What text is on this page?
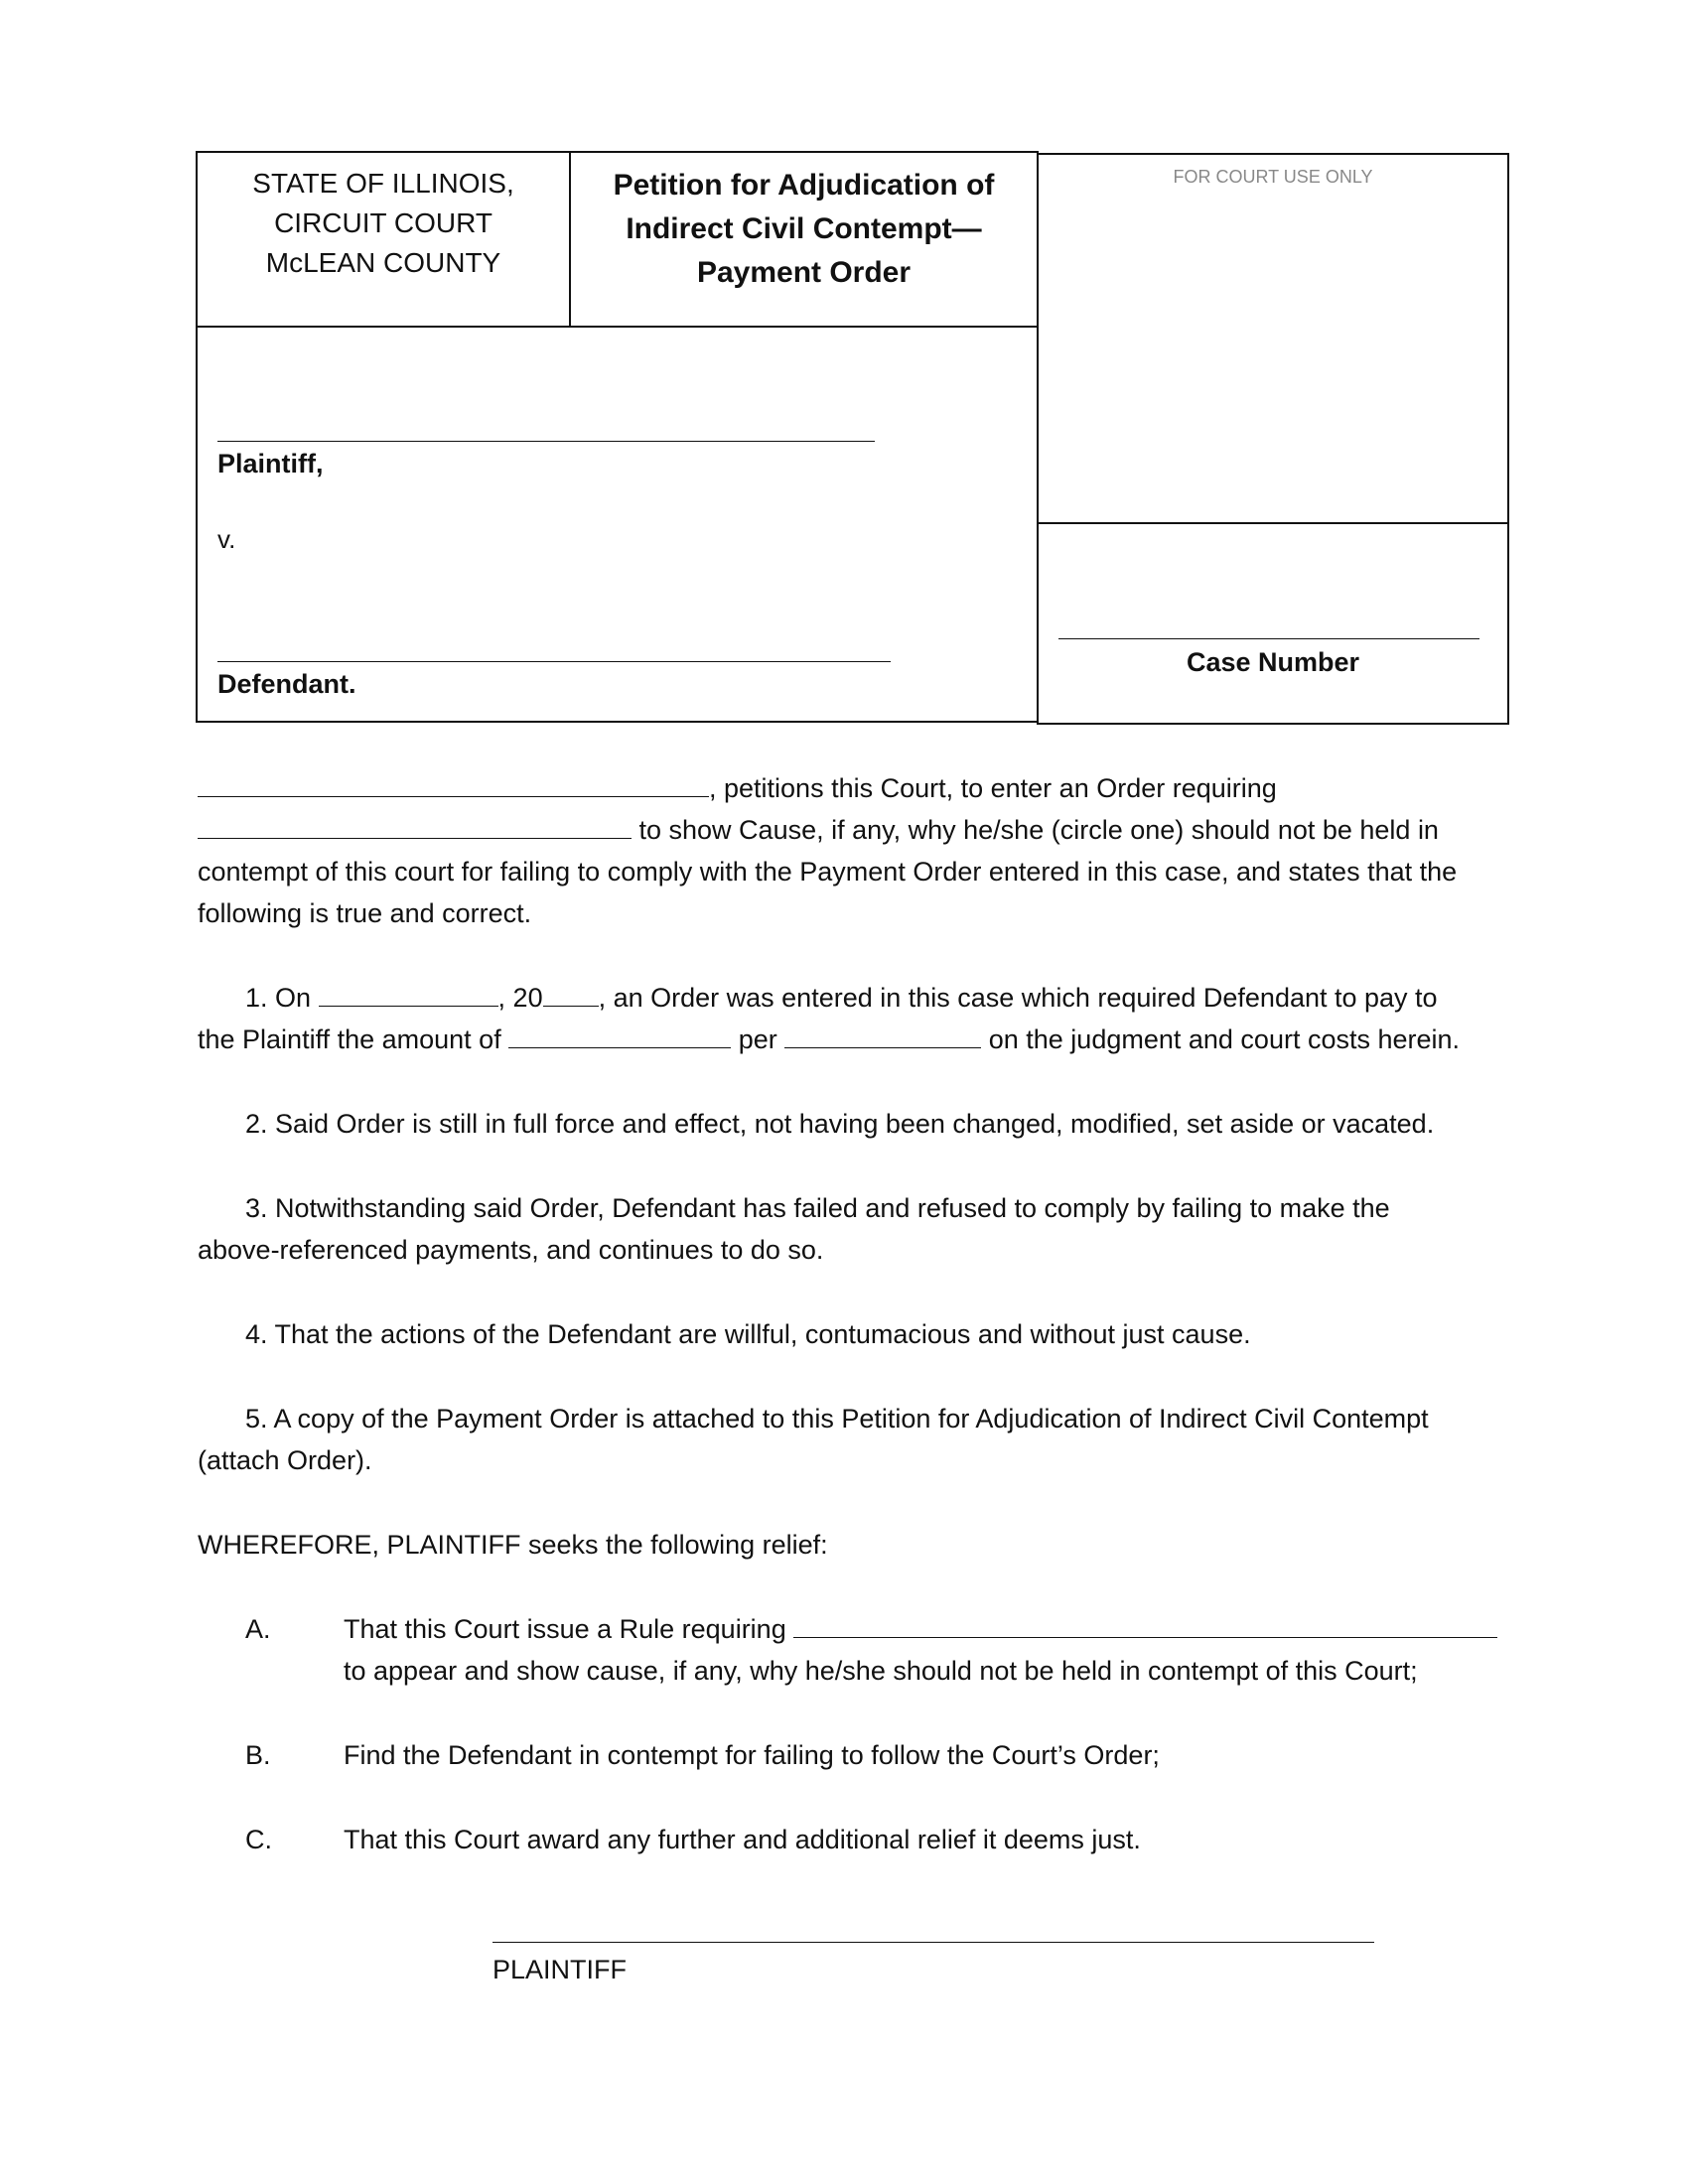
STATE OF ILLINOIS,
CIRCUIT COURT
McLEAN COUNTY
Petition for Adjudication of
Indirect Civil Contempt—
Payment Order
FOR COURT USE ONLY
Plaintiff,
v.
Defendant.
Case Number
, petitions this Court, to enter an Order requiring
to show Cause, if any, why he/she (circle one) should not be held in
contempt of this court for failing to comply with the Payment Order entered in this case, and states that the
following is true and correct.
1. On	, 20 , an Order was entered in this case which required Defendant to pay to
the Plaintiff the amount of	per	on the judgment and court costs herein.
2. Said Order is still in full force and effect, not having been changed, modified, set aside or vacated.
3. Notwithstanding said Order, Defendant has failed and refused to comply by failing to make the
above-referenced payments, and continues to do so.
4. That the actions of the Defendant are willful, contumacious and without just cause.
5. A copy of the Payment Order is attached to this Petition for Adjudication of Indirect Civil Contempt
(attach Order).
WHEREFORE, PLAINTIFF seeks the following relief:
A.	That this Court issue a Rule requiring
to appear and show cause, if any, why he/she should not be held in contempt of this Court;
B.	Find the Defendant in contempt for failing to follow the Court’s Order;
C.	That this Court award any further and additional relief it deems just.
PLAINTIFF
